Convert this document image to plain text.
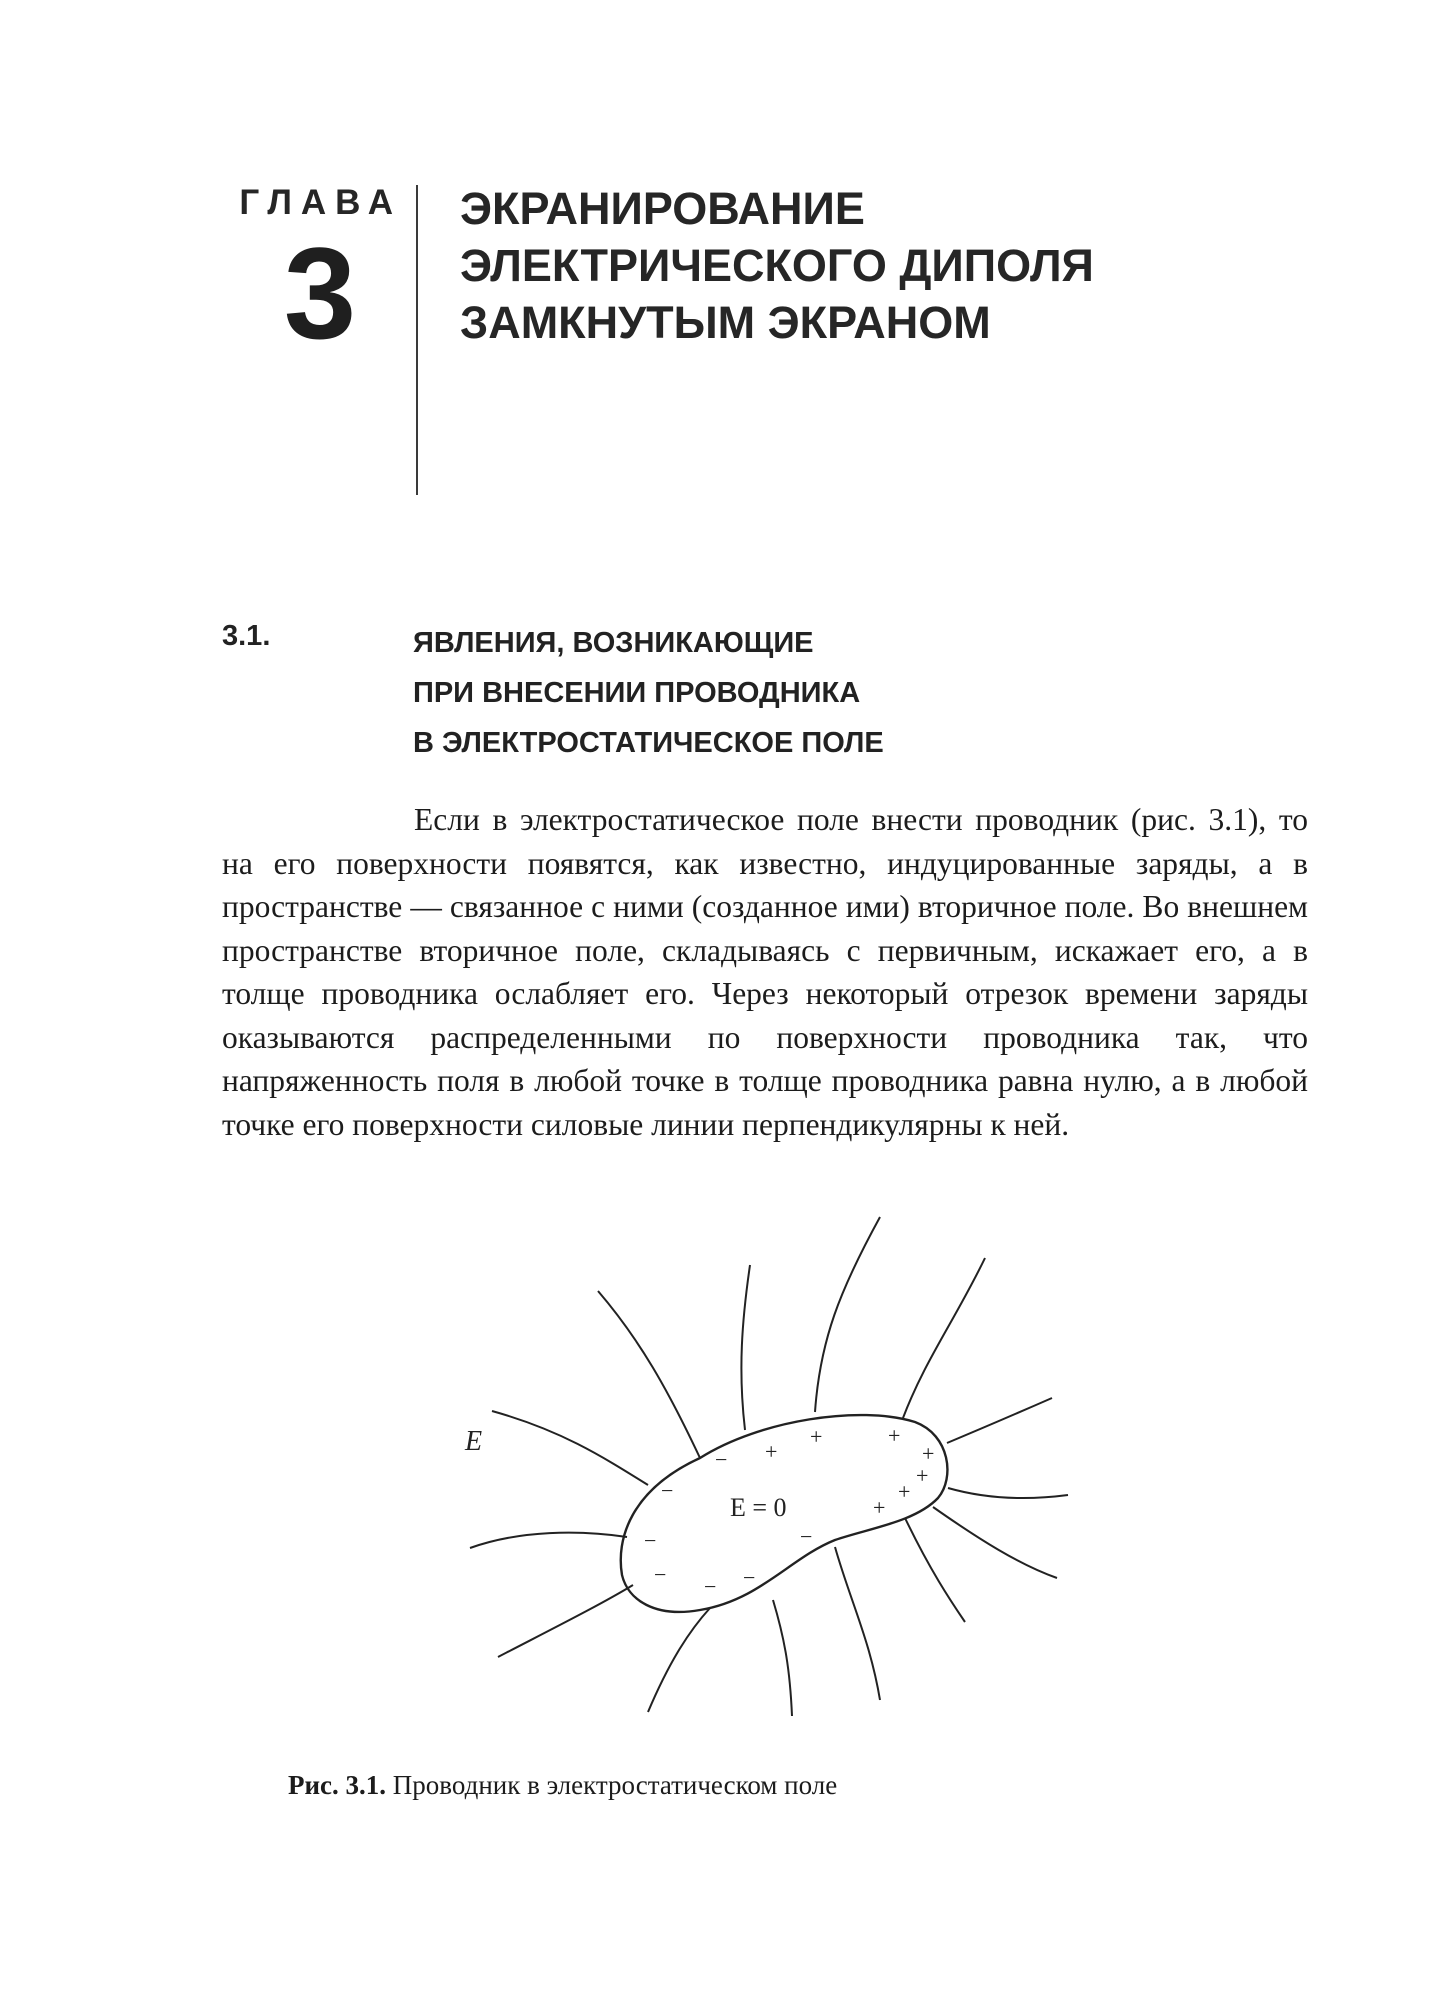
ГЛАВА
3
ЭКРАНИРОВАНИЕ
ЭЛЕКТРИЧЕСКОГО ДИПОЛЯ
ЗАМКНУТЫМ ЭКРАНОМ
3.1.	ЯВЛЕНИЯ, ВОЗНИКАЮЩИЕ
ПРИ ВНЕСЕНИИ ПРОВОДНИКА
В ЭЛЕКТРОСТАТИЧЕСКОЕ ПОЛЕ

Если в электростатическое поле внести проводник (рис. 3.1), то на его поверхности появятся, как известно, индуцированные заряды, а в пространстве — связанное с ними (созданное ими) вторичное поле. Во внешнем пространстве вторичное поле, складываясь с первичным, искажает его, а в толще проводника ослабляет его. Через некоторый отрезок времени заряды оказываются распределенными по поверхности проводника так, что напряженность поля в любой точке в толще проводника равна нулю, а в любой точке его поверхности силовые линии перпендикулярны к ней.

E
E = 0
+
+	+
+
+
+
+
−
−
−
− − −
−
Рис. 3.1. Проводник в электростатическом поле
